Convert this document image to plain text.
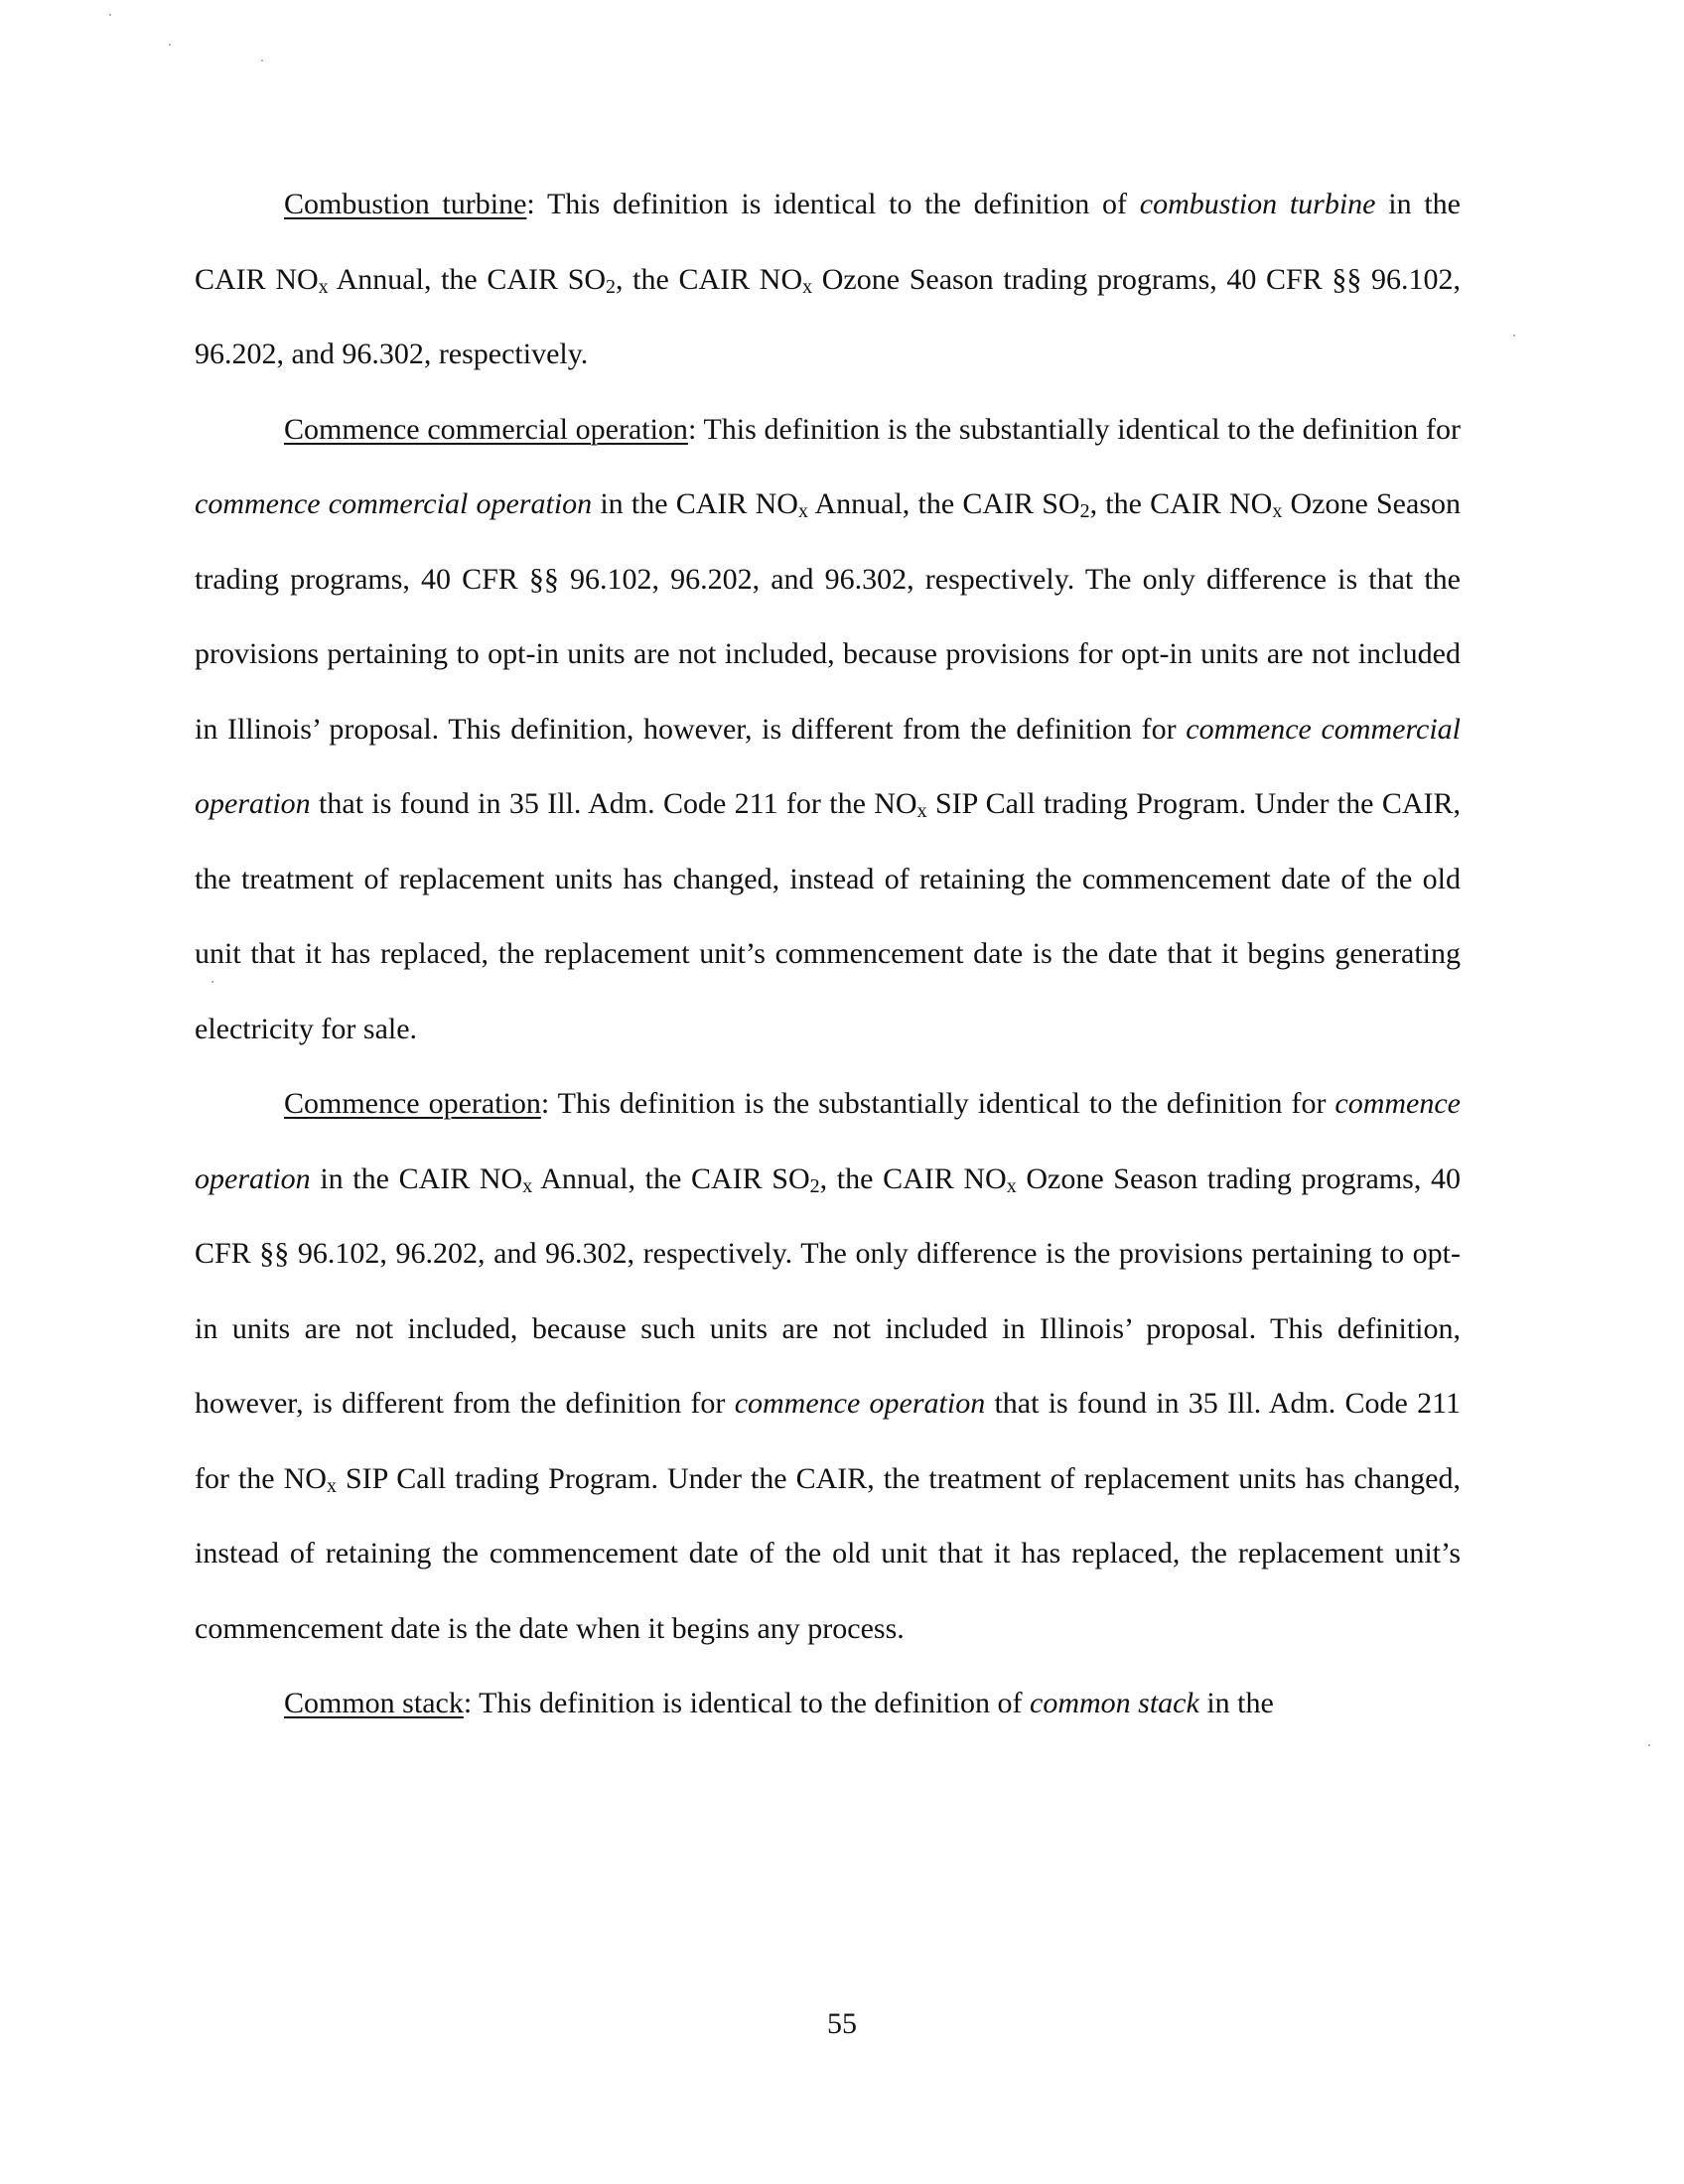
Combustion turbine: This definition is identical to the definition of combustion turbine in the CAIR $NO_x$ Annual, the CAIR $SO_2$, the CAIR $NO_x$ Ozone Season trading programs, 40 CFR §§ 96.102, 96.202, and 96.302, respectively.

Commence commercial operation: This definition is the substantially identical to the definition for commence commercial operation in the CAIR $NO_x$ Annual, the CAIR $SO_2$, the CAIR $NO_x$ Ozone Season trading programs, 40 CFR §§ 96.102, 96.202, and 96.302, respectively. The only difference is that the provisions pertaining to opt-in units are not included, because provisions for opt-in units are not included in Illinois’ proposal. This definition, however, is different from the definition for commence commercial operation that is found in 35 Ill. Adm. Code 211 for the $NO_x$ SIP Call trading Program. Under the CAIR, the treatment of replacement units has changed, instead of retaining the commencement date of the old unit that it has replaced, the replacement unit’s commencement date is the date that it begins generating electricity for sale.

Commence operation: This definition is the substantially identical to the definition for commence operation in the CAIR $NO_x$ Annual, the CAIR $SO_2$, the CAIR $NO_x$ Ozone Season trading programs, 40 CFR §§ 96.102, 96.202, and 96.302, respectively. The only difference is the provisions pertaining to opt-in units are not included, because such units are not included in Illinois’ proposal. This definition, however, is different from the definition for commence operation that is found in 35 Ill. Adm. Code 211 for the $NO_x$ SIP Call trading Program. Under the CAIR, the treatment of replacement units has changed, instead of retaining the commencement date of the old unit that it has replaced, the replacement unit’s commencement date is the date when it begins any process.

Common stack: This definition is identical to the definition of common stack in the

55
